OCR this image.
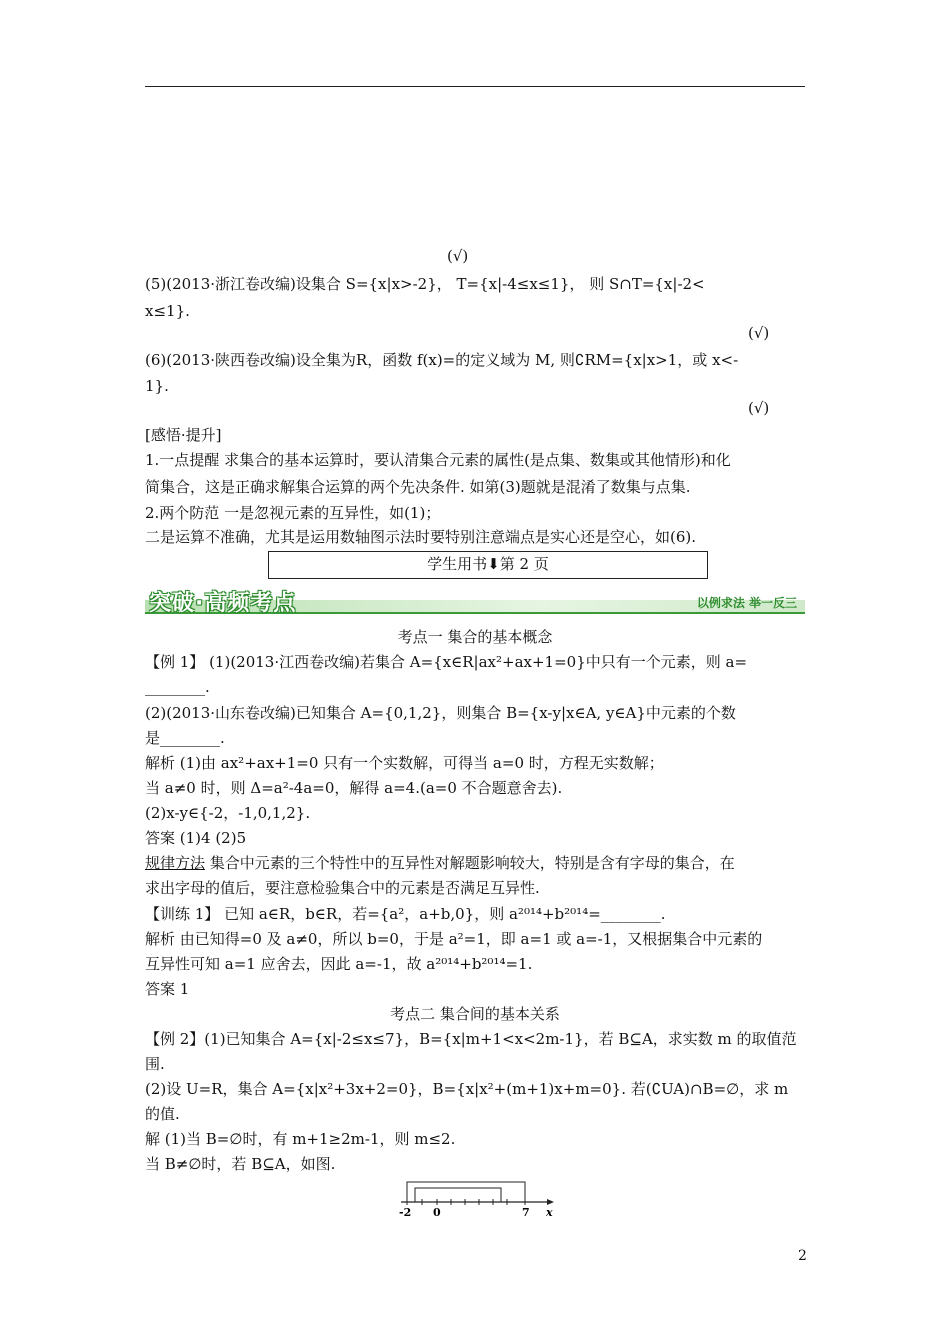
(√)
(5)(2013·浙江卷改编)设集合 S={x|x>-2}， T={x|-4≤x≤1}， 则 S∩T={x|-2<
x≤1}.
(√)
(6)(2013·陕西卷改编)设全集为R，函数 f(x)=的定义域为 M, 则∁RM={x|x>1，或 x<-
1}.
(√)
[感悟·提升]
1.一点提醒 求集合的基本运算时，要认清集合元素的属性(是点集、数集或其他情形)和化
简集合，这是正确求解集合运算的两个先决条件. 如第(3)题就是混淆了数集与点集.
2.两个防范 一是忽视元素的互异性，如(1)；
二是运算不准确，尤其是运用数轴图示法时要特别注意端点是实心还是空心，如(6).
学生用书⬇第 2 页
突破·高频考点	以例求法 举一反三
考点一 集合的基本概念
【例 1】 (1)(2013·江西卷改编)若集合 A={x∈R|ax²+ax+1=0}中只有一个元素，则 a=
________.
(2)(2013·山东卷改编)已知集合 A={0,1,2}，则集合 B={x-y|x∈A, y∈A}中元素的个数
是________.
解析 (1)由 ax²+ax+1=0 只有一个实数解，可得当 a=0 时，方程无实数解；
当 a≠0 时，则 Δ=a²-4a=0，解得 a=4.(a=0 不合题意舍去).
(2)x-y∈{-2，-1,0,1,2}.
答案 (1)4 (2)5
规律方法 集合中元素的三个特性中的互异性对解题影响较大，特别是含有字母的集合，在
求出字母的值后，要注意检验集合中的元素是否满足互异性.
【训练 1】 已知 a∈R，b∈R，若={a²，a+b,0}，则 a²⁰¹⁴+b²⁰¹⁴=________.
解析 由已知得=0 及 a≠0，所以 b=0，于是 a²=1，即 a=1 或 a=-1，又根据集合中元素的
互异性可知 a=1 应舍去，因此 a=-1，故 a²⁰¹⁴+b²⁰¹⁴=1.
答案 1
考点二 集合间的基本关系
【例 2】(1)已知集合 A={x|-2≤x≤7}，B={x|m+1<x<2m-1}，若 B⊆A，求实数 m 的取值范
围.
(2)设 U=R，集合 A={x|x²+3x+2=0}，B={x|x²+(m+1)x+m=0}. 若(∁UA)∩B=∅，求 m
的值.
解 (1)当 B=∅时，有 m+1≥2m-1，则 m≤2.
当 B≠∅时，若 B⊆A，如图.
-2 0	7 x
2
